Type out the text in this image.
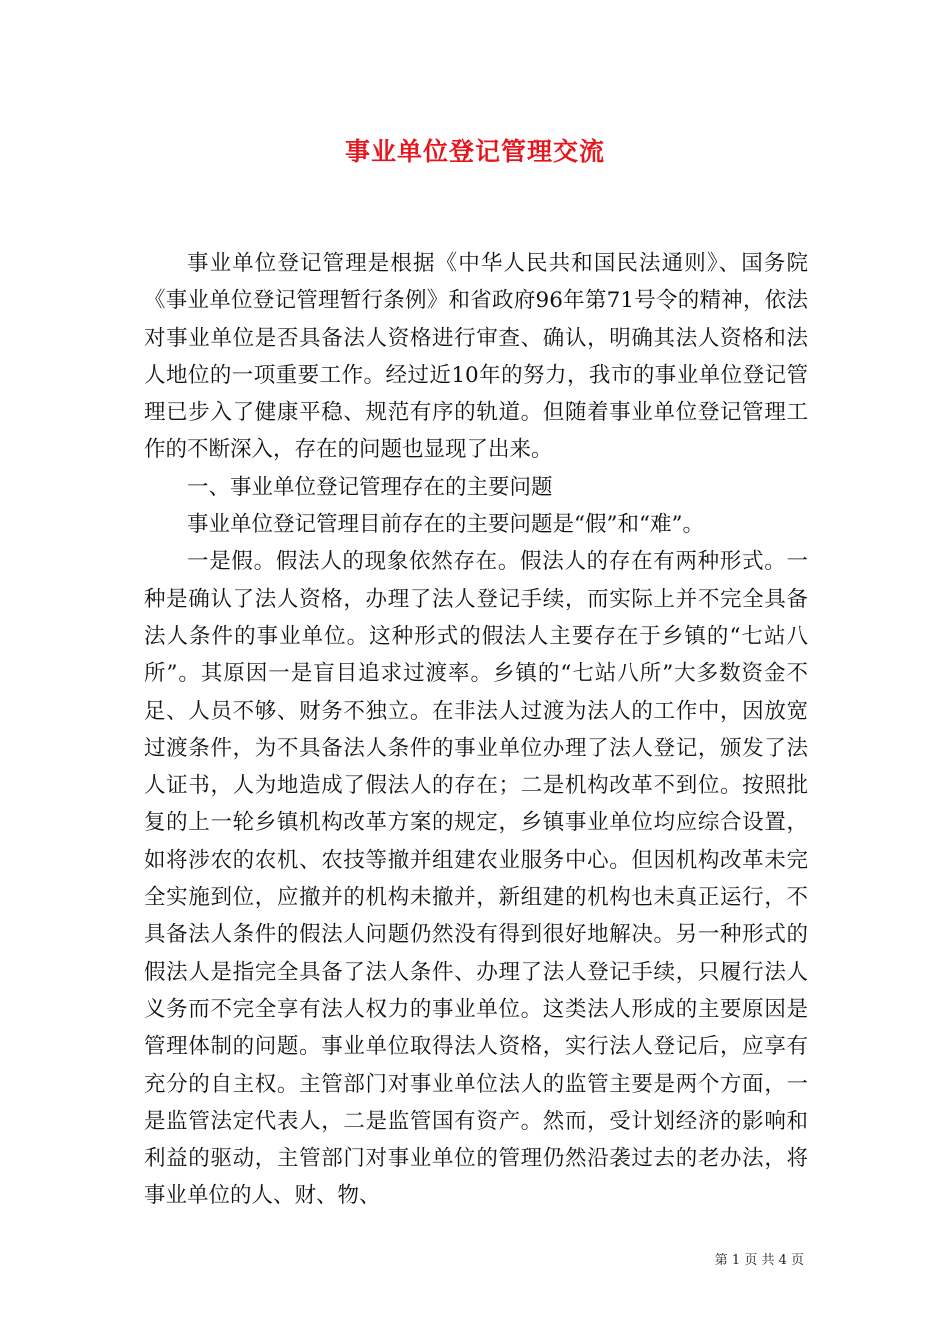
事业单位登记管理交流

事业单位登记管理是根据《中华人民共和国民法通则》、国务院《事业单位登记管理暂行条例》和省政府96年第71号令的精神，依法对事业单位是否具备法人资格进行审查、确认，明确其法人资格和法人地位的一项重要工作。经过近10年的努力，我市的事业单位登记管理已步入了健康平稳、规范有序的轨道。但随着事业单位登记管理工作的不断深入，存在的问题也显现了出来。

一、事业单位登记管理存在的主要问题

事业单位登记管理目前存在的主要问题是“假”和“难”。

一是假。假法人的现象依然存在。假法人的存在有两种形式。一种是确认了法人资格，办理了法人登记手续，而实际上并不完全具备法人条件的事业单位。这种形式的假法人主要存在于乡镇的“七站八所”。其原因一是盲目追求过渡率。乡镇的“七站八所”大多数资金不足、人员不够、财务不独立。在非法人过渡为法人的工作中，因放宽过渡条件，为不具备法人条件的事业单位办理了法人登记，颁发了法人证书，人为地造成了假法人的存在；二是机构改革不到位。按照批复的上一轮乡镇机构改革方案的规定，乡镇事业单位均应综合设置，如将涉农的农机、农技等撤并组建农业服务中心。但因机构改革未完全实施到位，应撤并的机构未撤并，新组建的机构也未真正运行，不具备法人条件的假法人问题仍然没有得到很好地解决。另一种形式的假法人是指完全具备了法人条件、办理了法人登记手续，只履行法人义务而不完全享有法人权力的事业单位。这类法人形成的主要原因是管理体制的问题。事业单位取得法人资格，实行法人登记后，应享有充分的自主权。主管部门对事业单位法人的监管主要是两个方面，一是监管法定代表人，二是监管国有资产。然而，受计划经济的影响和利益的驱动，主管部门对事业单位的管理仍然沿袭过去的老办法，将事业单位的人、财、物、

第 1 页 共 4 页
